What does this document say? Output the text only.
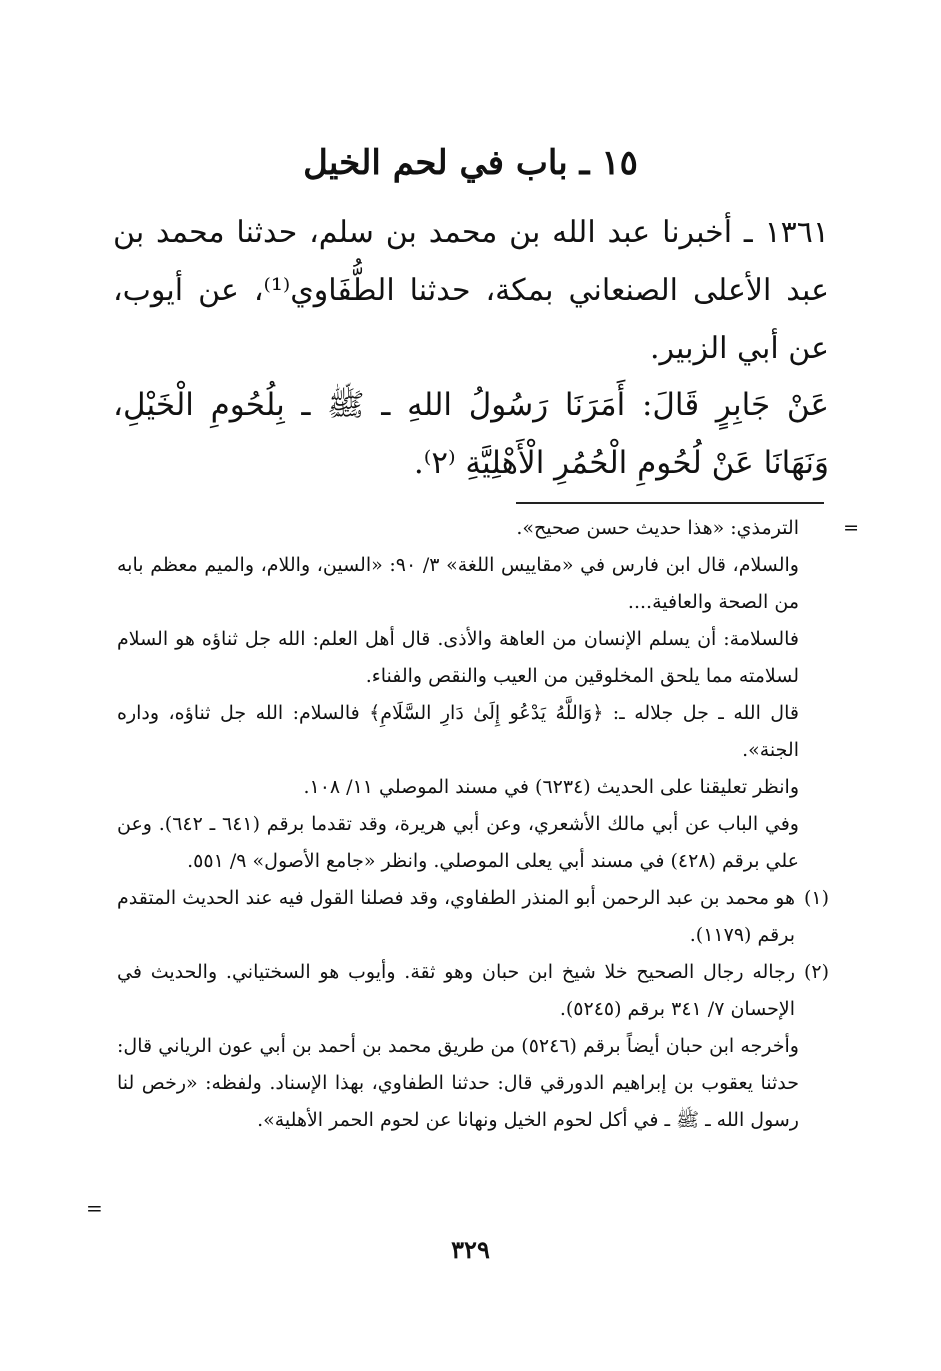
١٥ ـ باب في لحم الخيل

١٣٦١ ـ أخبرنا عبد الله بن محمد بن سلم، حدثنا محمد بن عبد الأعلى الصنعاني بمكة، حدثنا الطُّفَاوي⁽¹⁾، عن أيوب، عن أبي الزبير.

عَنْ جَابِرٍ قَالَ: أَمَرَنَا رَسُولُ اللهِ ـ ﷺ ـ بِلُحُومِ الْخَيْلِ، وَنَهَانَا عَنْ لُحُومِ الْحُمُرِ الْأَهْلِيَّةِ ⁽٢⁾.

=
الترمذي: «هذا حديث حسن صحيح».

والسلام، قال ابن فارس في «مقاييس اللغة» ٣/ ٩٠: «السين، واللام، والميم معظم بابه من الصحة والعافية....

فالسلامة: أن يسلم الإنسان من العاهة والأذى. قال أهل العلم: الله جل ثناؤه هو السلام لسلامته مما يلحق المخلوقين من العيب والنقص والفناء.

قال الله ـ جل جلاله ـ: ﴿وَاللَّهُ يَدْعُو إِلَىٰ دَارِ السَّلَامِ﴾ فالسلام: الله جل ثناؤه، وداره الجنة».

وانظر تعليقنا على الحديث (٦٢٣٤) في مسند الموصلي ١١/ ١٠٨.

وفي الباب عن أبي مالك الأشعري، وعن أبي هريرة، وقد تقدما برقم (٦٤١ ـ ٦٤٢). وعن علي برقم (٤٢٨) في مسند أبي يعلى الموصلي. وانظر «جامع الأصول» ٩/ ٥٥١.

(١)
هو محمد بن عبد الرحمن أبو المنذر الطفاوي، وقد فصلنا القول فيه عند الحديث المتقدم برقم (١١٧٩).

(٢)
رجاله رجال الصحيح خلا شيخ ابن حبان وهو ثقة. وأيوب هو السختياني. والحديث في الإحسان ٧/ ٣٤١ برقم (٥٢٤٥).

وأخرجه ابن حبان أيضاً برقم (٥٢٤٦) من طريق محمد بن أحمد بن أبي عون الرياني قال: حدثنا يعقوب بن إبراهيم الدورقي قال: حدثنا الطفاوي، بهذا الإسناد. ولفظه: «رخص لنا رسول الله ـ ﷺ ـ في أكل لحوم الخيل ونهانا عن لحوم الحمر الأهلية».

=
٣٢٩
